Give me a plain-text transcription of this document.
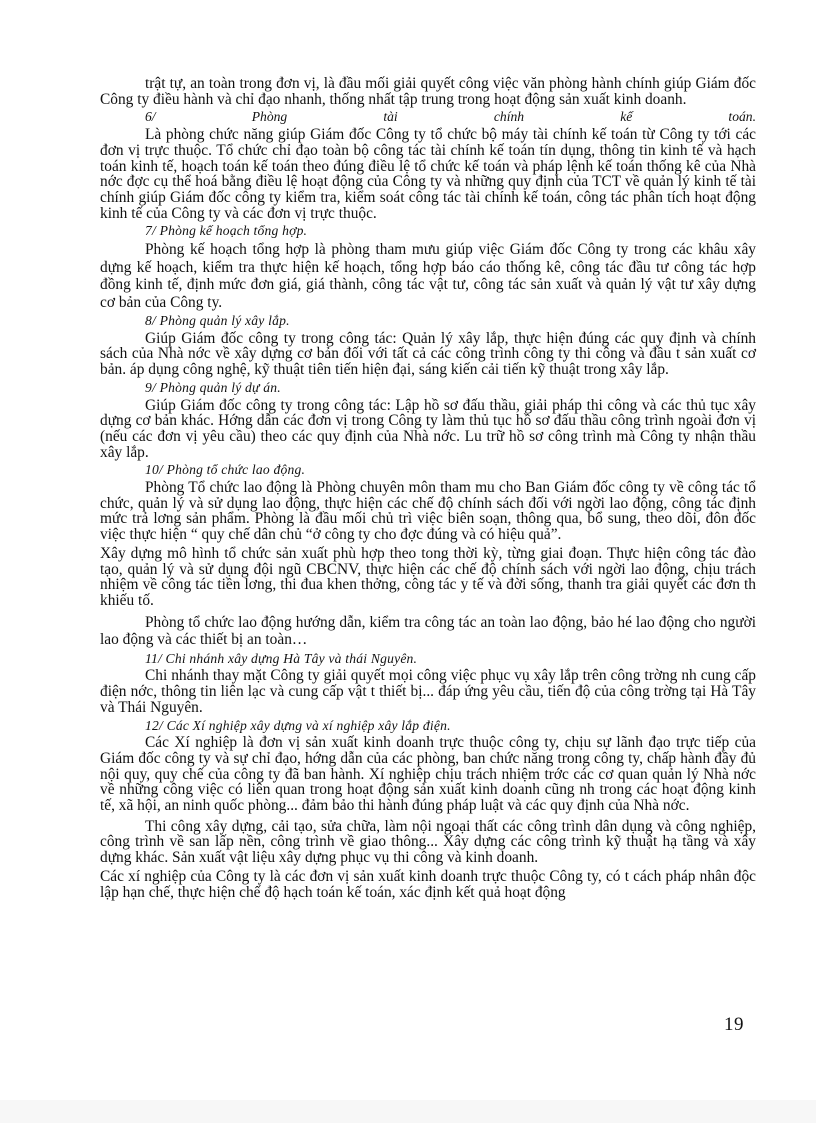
trật tự, an toàn trong đơn vị, là đầu mối giải quyết công việc văn phòng hành chính giúp Giám đốc Công ty điều hành và chỉ đạo nhanh, thống nhất tập trung trong hoạt động sản xuất kinh doanh.

6/	Phòng	tài	chính	kế	toán.

Là phòng chức năng giúp Giám đốc Công ty tổ chức bộ máy tài chính kế toán từ Công ty tới các đơn vị trực thuộc. Tổ chức chỉ đạo toàn bộ công tác tài chính kế toán tín dụng, thông tin kinh tế và hạch toán kinh tế, hoạch toán kế toán theo đúng điều lệ tổ chức kế toán và pháp lệnh kế toán thống kê của Nhà nớc đợc cụ thể hoá bằng điều lệ hoạt động của Công ty và những quy định của TCT về quản lý kinh tế tài chính giúp Giám đốc công ty kiểm tra, kiểm soát công tác tài chính kế toán, công tác phân tích hoạt động kinh tế của Công ty và các đơn vị trực thuộc.

7/ Phòng kế hoạch tổng hợp.

Phòng kế hoạch tổng hợp là phòng tham mưu giúp việc Giám đốc Công ty trong các khâu xây dựng kế hoạch, kiểm tra thực hiện kế hoạch, tổng hợp báo cáo thống kê, công tác đầu tư công tác hợp đồng kinh tế, định mức đơn giá, giá thành, công tác vật tư, công tác sản xuất và quản lý vật tư xây dựng cơ bản của Công ty.

8/ Phòng quản lý xây lắp.

Giúp Giám đốc công ty trong công tác: Quản lý xây lắp, thực hiện đúng các quy định và chính sách của Nhà nớc về xây dựng cơ bản đối với tất cả các công trình công ty thi công và đầu t sản xuất cơ bản. áp dụng công nghệ, kỹ thuật tiên tiến hiện đại, sáng kiến cải tiến kỹ thuật trong xây lắp.

9/ Phòng quản lý dự án.

Giúp Giám đốc công ty trong công tác: Lập hồ sơ đấu thầu, giải pháp thi công và các thủ tục xây dựng cơ bản khác. Hớng dẫn các đơn vị trong Công ty làm thủ tục hồ sơ đấu thầu công trình ngoài đơn vị (nếu các đơn vị yêu cầu) theo các quy định của Nhà nớc. Lu trữ hồ sơ công trình mà Công ty nhận thầu xây lắp.

10/ Phòng tổ chức lao động.

Phòng Tổ chức lao động là Phòng chuyên môn tham mu cho Ban Giám đốc công ty về công tác tổ chức, quản lý và sử dụng lao động, thực hiện các chế độ chính sách đối với ngời lao động, công tác định mức trả lơng sản phẩm. Phòng là đầu mối chủ trì việc biên soạn, thông qua, bổ sung, theo dõi, đôn đốc việc thực hiện “ quy chế dân chủ “ở công ty cho đợc đúng và có hiệu quả”.

Xây dựng mô hình tổ chức sản xuất phù hợp theo tong thời kỳ, từng giai đoạn. Thực hiện công tác đào tạo, quản lý và sử dụng đội ngũ CBCNV, thực hiện các chế độ chính sách với ngời lao động, chịu trách nhiệm về công tác tiền lơng, thi đua khen thởng, công tác y tế và đời sống, thanh tra giải quyết các đơn th khiếu tố.

Phòng tổ chức lao động hướng dẫn, kiểm tra công tác an toàn lao động, bảo hé lao động cho người lao động và các thiết bị an toàn…

11/ Chi nhánh xây dựng Hà Tây và thái Nguyên.

Chi nhánh thay mặt Công ty giải quyết mọi công việc phục vụ xây lắp trên công trờng nh cung cấp điện nớc, thông tin liên lạc và cung cấp vật t thiết bị... đáp ứng yêu cầu, tiến độ của công trờng tại Hà Tây và Thái Nguyên.

12/ Các Xí nghiệp xây dựng và xí nghiệp xây lắp điện.

Các Xí nghiệp là đơn vị sản xuất kinh doanh trực thuộc công ty, chịu sự lãnh đạo trực tiếp của Giám đốc công ty và sự chỉ đạo, hớng dẫn của các phòng, ban chức năng trong công ty, chấp hành đầy đủ nội quy, quy chế của công ty đã ban hành. Xí nghiệp chịu trách nhiệm trớc các cơ quan quản lý Nhà nớc về những công việc có liên quan trong hoạt động sản xuất kinh doanh cũng nh trong các hoạt động kinh tế, xã hội, an ninh quốc phòng... đảm bảo thi hành đúng pháp luật và các quy định của Nhà nớc.

Thi công xây dựng, cải tạo, sửa chữa, làm nội ngoại thất các công trình dân dụng và công nghiệp, công trình về san lấp nền, công trình về giao thông... Xây dựng các công trình kỹ thuật hạ tầng và xây dựng khác. Sản xuất vật liệu xây dựng phục vụ thi công và kinh doanh.

Các xí nghiệp của Công ty là các đơn vị sản xuất kinh doanh trực thuộc Công ty, có t cách pháp nhân độc lập hạn chế, thực hiện chế độ hạch toán kế toán, xác định kết quả hoạt động

19
